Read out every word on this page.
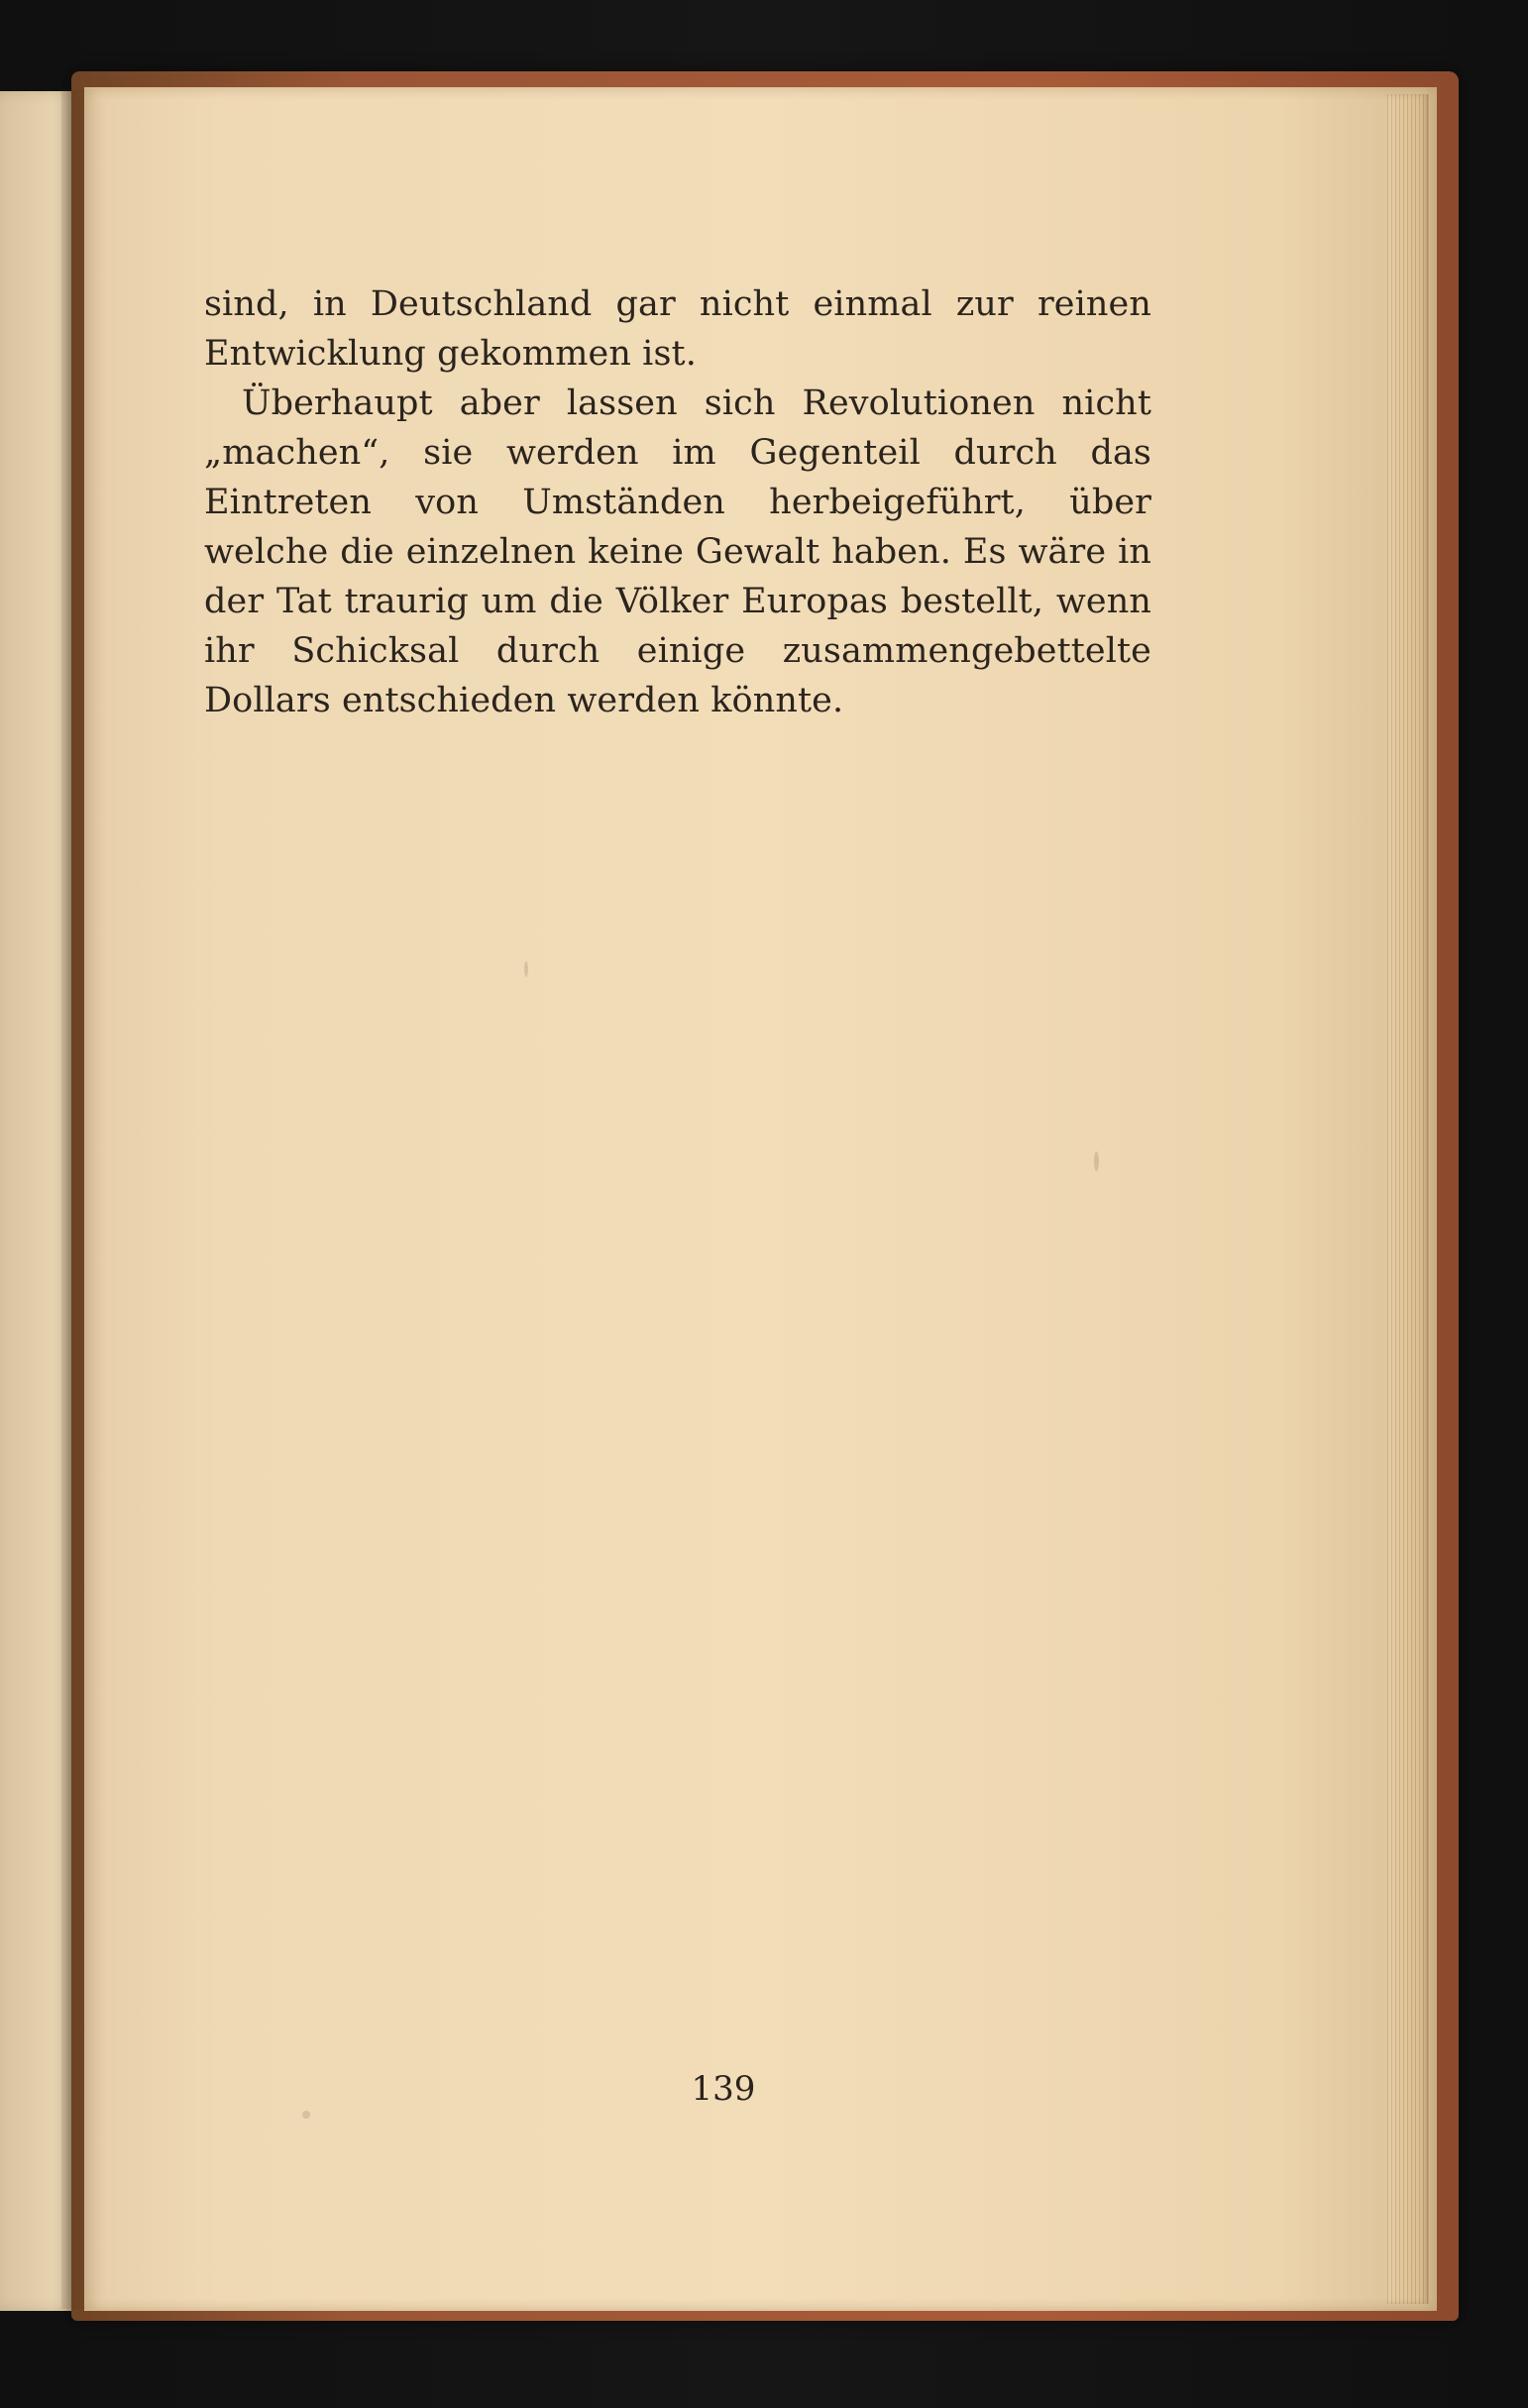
sind, in Deutschland gar nicht einmal zur reinen Entwicklung gekommen ist.

Überhaupt aber lassen sich Revolutionen nicht „machen“, sie werden im Gegenteil durch das Eintreten von Umständen herbeigeführt, über welche die einzelnen keine Gewalt haben. Es wäre in der Tat traurig um die Völker Europas bestellt, wenn ihr Schicksal durch einige zusammengebettelte Dollars entschieden werden könnte.

139
